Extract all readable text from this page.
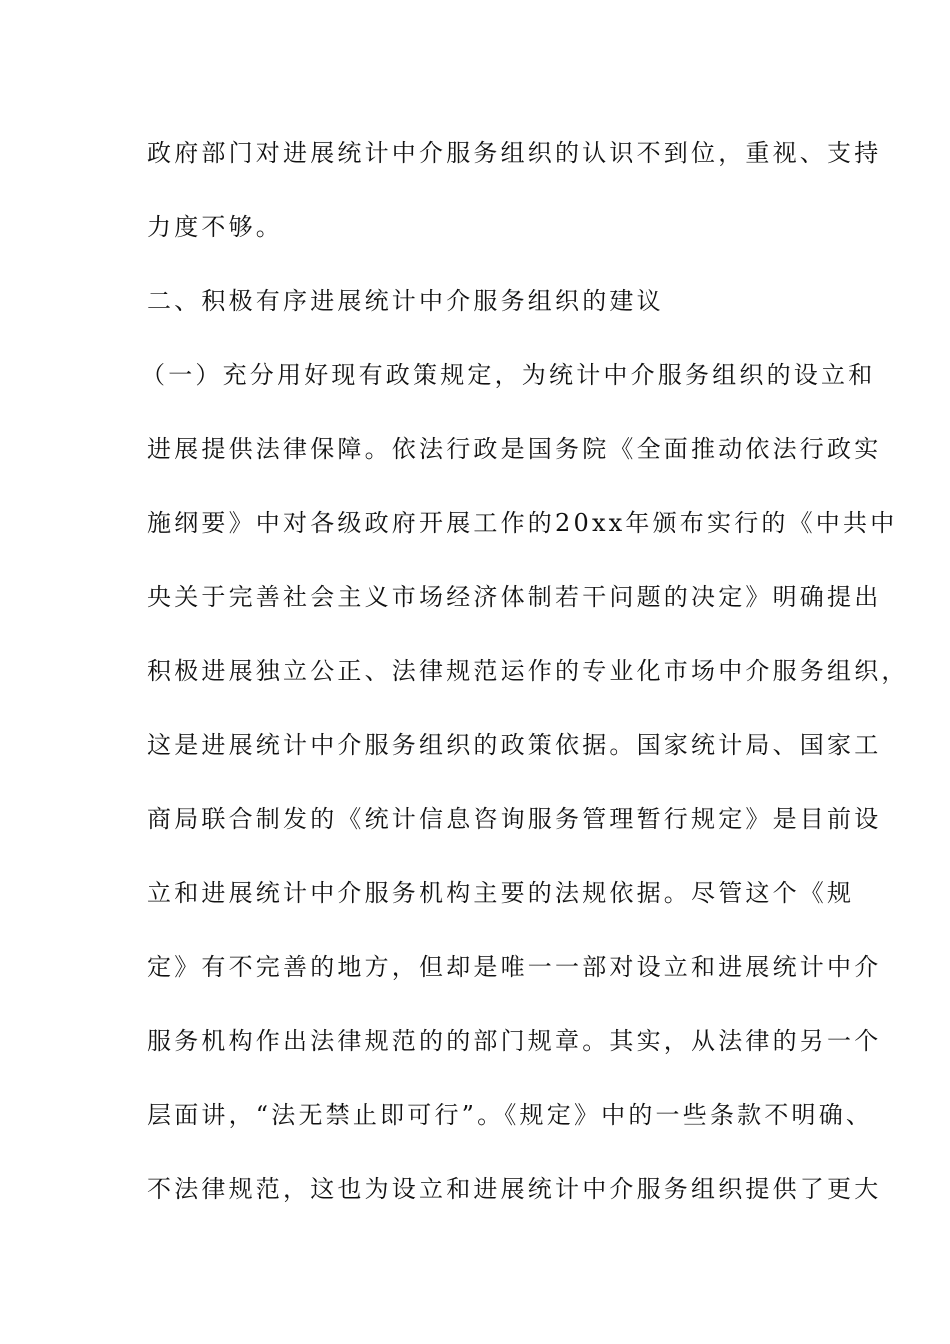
政府部门对进展统计中介服务组织的认识不到位，重视、支持
力度不够。
二、积极有序进展统计中介服务组织的建议
（一）充分用好现有政策规定，为统计中介服务组织的设立和
进展提供法律保障。依法行政是国务院《全面推动依法行政实
施纲要》中对各级政府开展工作的20xx年颁布实行的《中共中
央关于完善社会主义市场经济体制若干问题的决定》明确提出
积极进展独立公正、法律规范运作的专业化市场中介服务组织，
这是进展统计中介服务组织的政策依据。国家统计局、国家工
商局联合制发的《统计信息咨询服务管理暂行规定》是目前设
立和进展统计中介服务机构主要的法规依据。尽管这个《规
定》有不完善的地方，但却是唯一一部对设立和进展统计中介
服务机构作出法律规范的的部门规章。其实，从法律的另一个
层面讲，“法无禁止即可行”。《规定》中的一些条款不明确、
不法律规范，这也为设立和进展统计中介服务组织提供了更大
